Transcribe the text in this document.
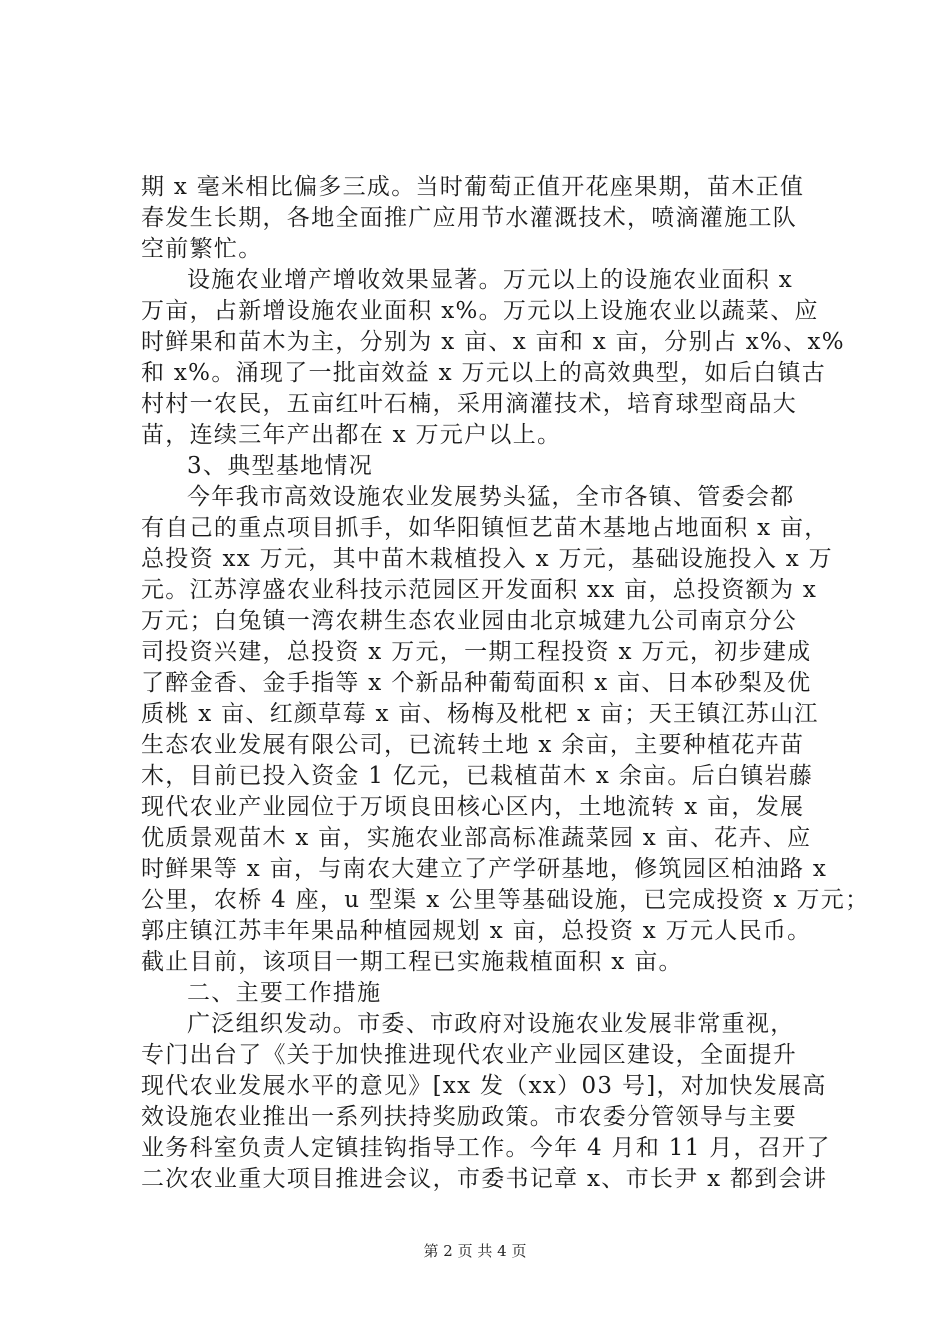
期 x 毫米相比偏多三成。当时葡萄正值开花座果期，苗木正值
春发生长期，各地全面推广应用节水灌溉技术，喷滴灌施工队
空前繁忙。
设施农业增产增收效果显著。万元以上的设施农业面积 x
万亩，占新增设施农业面积 x%。万元以上设施农业以蔬菜、应
时鲜果和苗木为主，分别为 x 亩、x 亩和 x 亩，分别占 x%、x%
和 x%。涌现了一批亩效益 x 万元以上的高效典型，如后白镇古
村村一农民，五亩红叶石楠，采用滴灌技术，培育球型商品大
苗，连续三年产出都在 x 万元户以上。
3、典型基地情况
今年我市高效设施农业发展势头猛，全市各镇、管委会都
有自己的重点项目抓手，如华阳镇恒艺苗木基地占地面积 x 亩，
总投资 xx 万元，其中苗木栽植投入 x 万元，基础设施投入 x 万
元。江苏淳盛农业科技示范园区开发面积 xx 亩，总投资额为 x
万元；白兔镇一湾农耕生态农业园由北京城建九公司南京分公
司投资兴建，总投资 x 万元，一期工程投资 x 万元，初步建成
了醉金香、金手指等 x 个新品种葡萄面积 x 亩、日本砂梨及优
质桃 x 亩、红颜草莓 x 亩、杨梅及枇杷 x 亩；天王镇江苏山江
生态农业发展有限公司，已流转土地 x 余亩，主要种植花卉苗
木，目前已投入资金 1 亿元，已栽植苗木 x 余亩。后白镇岩藤
现代农业产业园位于万顷良田核心区内，土地流转 x 亩，发展
优质景观苗木 x 亩，实施农业部高标准蔬菜园 x 亩、花卉、应
时鲜果等 x 亩，与南农大建立了产学研基地，修筑园区柏油路 x
公里，农桥 4 座，u 型渠 x 公里等基础设施，已完成投资 x 万元；
郭庄镇江苏丰年果品种植园规划 x 亩，总投资 x 万元人民币。
截止目前，该项目一期工程已实施栽植面积 x 亩。
二、主要工作措施
广泛组织发动。市委、市政府对设施农业发展非常重视，
专门出台了《关于加快推进现代农业产业园区建设，全面提升
现代农业发展水平的意见》[xx 发（xx）03 号]，对加快发展高
效设施农业推出一系列扶持奖励政策。市农委分管领导与主要
业务科室负责人定镇挂钩指导工作。今年 4 月和 11 月，召开了
二次农业重大项目推进会议，市委书记章 x、市长尹 x 都到会讲
第 2 页 共 4 页
